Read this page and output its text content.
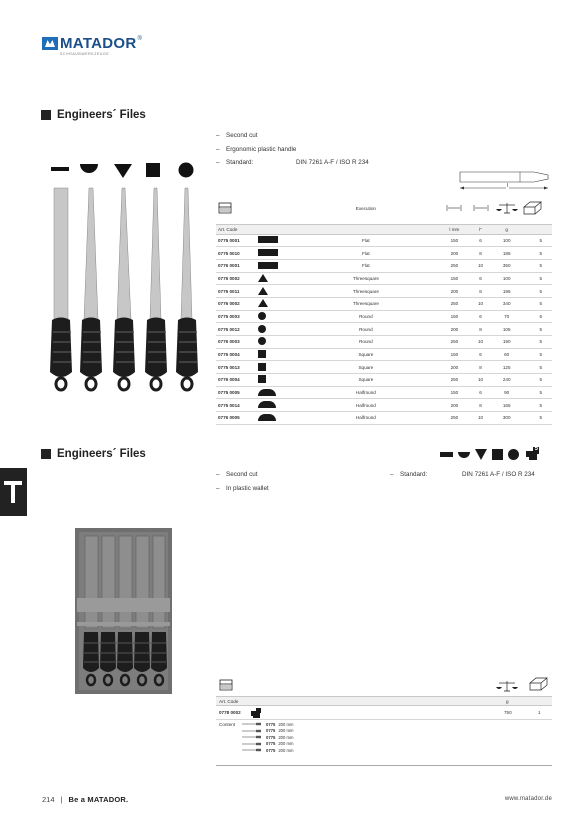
MATADOR ®
SCHRAUBWERKZEUGE
Engineers´ Files
–	Second cut
–	Ergonomic plastic handle
–	Standard:	DIN 7261 A-F / ISO R 234
l
		Execution				
Art. Code			l mm	l"	g	
0775 0001		Flat	150	6	100	5
0775 0010		Flat	200	8	185	5
0776 0001		Flat	250	10	350	5
0775 0002		Threesquare	150	6	100	5
0775 0011		Threesquare	200	8	195	5
0776 0002		Threesquare	250	10	340	5
0775 0003		Round	150	6	70	5
0775 0012		Round	200	8	105	5
0776 0003		Round	250	10	190	5
0775 0004		Square	150	6	60	5
0775 0013		Square	200	8	125	5
0776 0004		Square	250	10	240	5
0775 0005		Halfround	150	6	90	5
0775 0014		Halfround	200	8	165	5
0776 0005		Halfround	250	10	300	5
Engineers´ Files	5
–	Second cut
–	In plastic wallet
–	Standard:	DIN 7261 A-F / ISO R 234
Art. Code	g
0778 0002	750	1
Content	0775 200 mm
0775 200 mm
0775 200 mm
0775 200 mm
0775 200 mm
214 | Be a MATADOR.	www.matador.de
